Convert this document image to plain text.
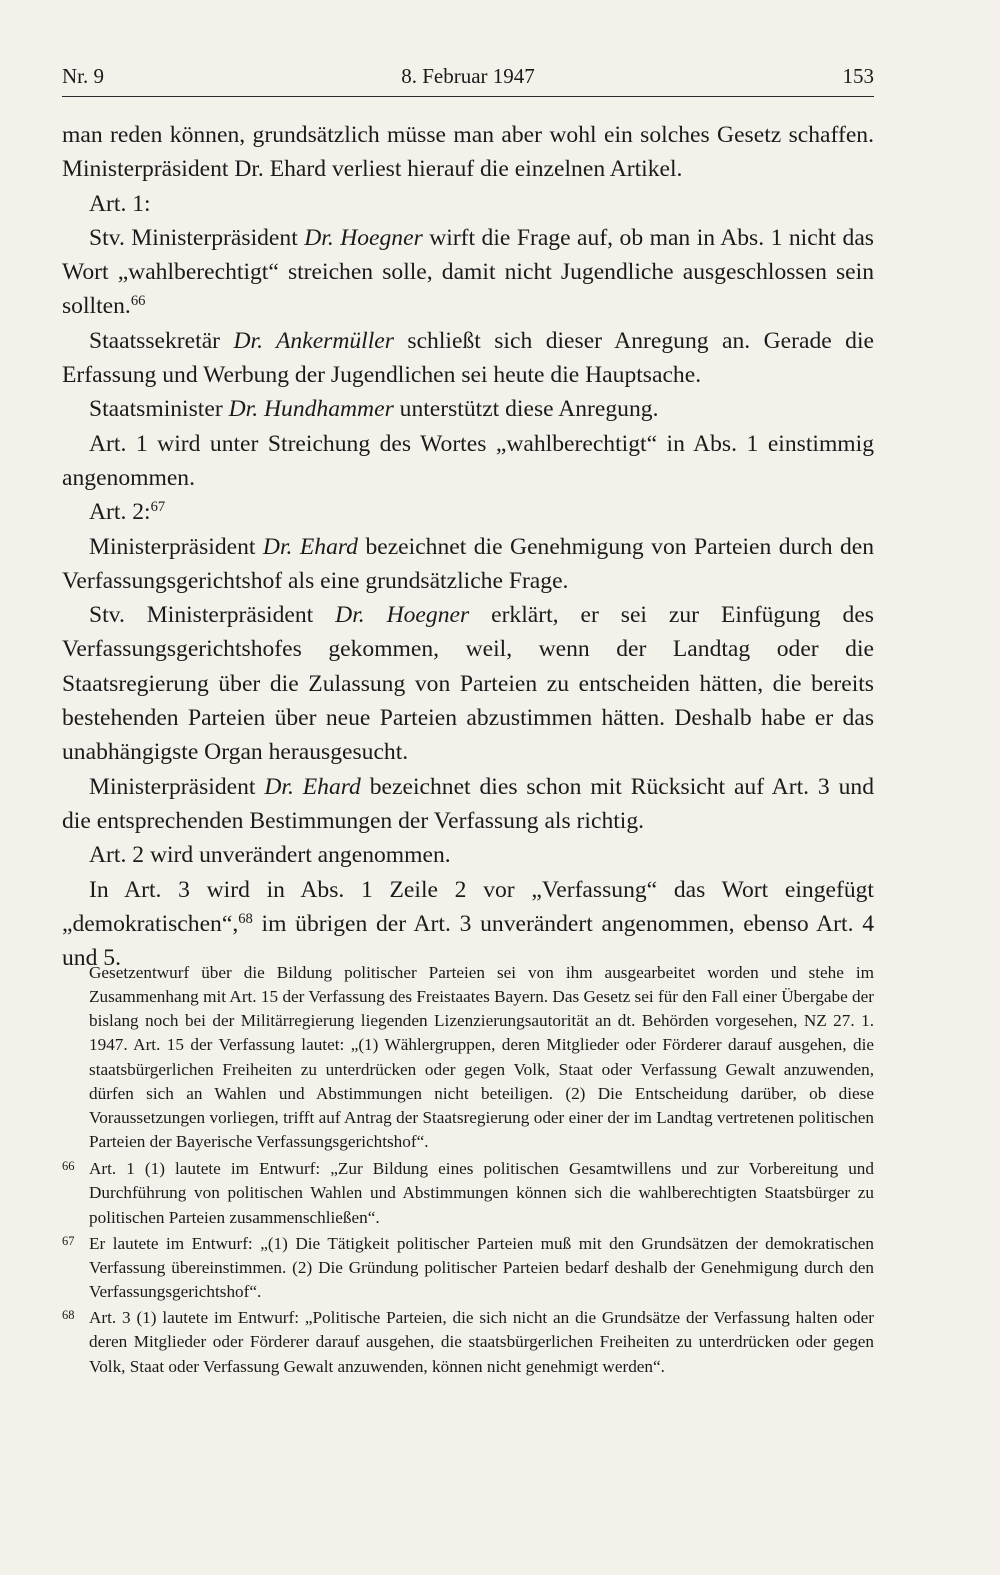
Nr. 9	8. Februar 1947	153

man reden können, grundsätzlich müsse man aber wohl ein solches Gesetz schaffen. Ministerpräsident Dr. Ehard verliest hierauf die einzelnen Artikel.

Art. 1:

Stv. Ministerpräsident Dr. Hoegner wirft die Frage auf, ob man in Abs. 1 nicht das Wort „wahlberechtigt“ streichen solle, damit nicht Jugendliche ausgeschlossen sein sollten.$^{66}$

Staatssekretär Dr. Ankermüller schließt sich dieser Anregung an. Gerade die Erfassung und Werbung der Jugendlichen sei heute die Hauptsache.

Staatsminister Dr. Hundhammer unterstützt diese Anregung.

Art. 1 wird unter Streichung des Wortes „wahlberechtigt“ in Abs. 1 einstimmig angenommen.

Art. 2:$^{67}$

Ministerpräsident Dr. Ehard bezeichnet die Genehmigung von Parteien durch den Verfassungsgerichtshof als eine grundsätzliche Frage.

Stv. Ministerpräsident Dr. Hoegner erklärt, er sei zur Einfügung des Verfassungsgerichtshofes gekommen, weil, wenn der Landtag oder die Staatsregierung über die Zulassung von Parteien zu entscheiden hätten, die bereits bestehenden Parteien über neue Parteien abzustimmen hätten. Deshalb habe er das unabhängigste Organ herausgesucht.

Ministerpräsident Dr. Ehard bezeichnet dies schon mit Rücksicht auf Art. 3 und die entsprechenden Bestimmungen der Verfassung als richtig.

Art. 2 wird unverändert angenommen.

In Art. 3 wird in Abs. 1 Zeile 2 vor „Verfassung“ das Wort eingefügt „demokratischen“,$^{68}$ im übrigen der Art. 3 unverändert angenommen, ebenso Art. 4 und 5.

Gesetzentwurf über die Bildung politischer Parteien sei von ihm ausgearbeitet worden und stehe im Zusammenhang mit Art. 15 der Verfassung des Freistaates Bayern. Das Gesetz sei für den Fall einer Übergabe der bislang noch bei der Militärregierung liegenden Lizenzierungsautorität an dt. Behörden vorgesehen, NZ 27. 1. 1947. Art. 15 der Verfassung lautet: „(1) Wählergruppen, deren Mitglieder oder Förderer darauf ausgehen, die staatsbürgerlichen Freiheiten zu unterdrücken oder gegen Volk, Staat oder Verfassung Gewalt anzuwenden, dürfen sich an Wahlen und Abstimmungen nicht beteiligen. (2) Die Entscheidung darüber, ob diese Voraussetzungen vorliegen, trifft auf Antrag der Staatsregierung oder einer der im Landtag vertretenen politischen Parteien der Bayerische Verfassungsgerichtshof“.

66 Art. 1 (1) lautete im Entwurf: „Zur Bildung eines politischen Gesamtwillens und zur Vorbereitung und Durchführung von politischen Wahlen und Abstimmungen können sich die wahlberechtigten Staatsbürger zu politischen Parteien zusammenschließen“.

67 Er lautete im Entwurf: „(1) Die Tätigkeit politischer Parteien muß mit den Grundsätzen der demokratischen Verfassung übereinstimmen. (2) Die Gründung politischer Parteien bedarf deshalb der Genehmigung durch den Verfassungsgerichtshof“.

68 Art. 3 (1) lautete im Entwurf: „Politische Parteien, die sich nicht an die Grundsätze der Verfassung halten oder deren Mitglieder oder Förderer darauf ausgehen, die staatsbürgerlichen Freiheiten zu unterdrücken oder gegen Volk, Staat oder Verfassung Gewalt anzuwenden, können nicht genehmigt werden“.
